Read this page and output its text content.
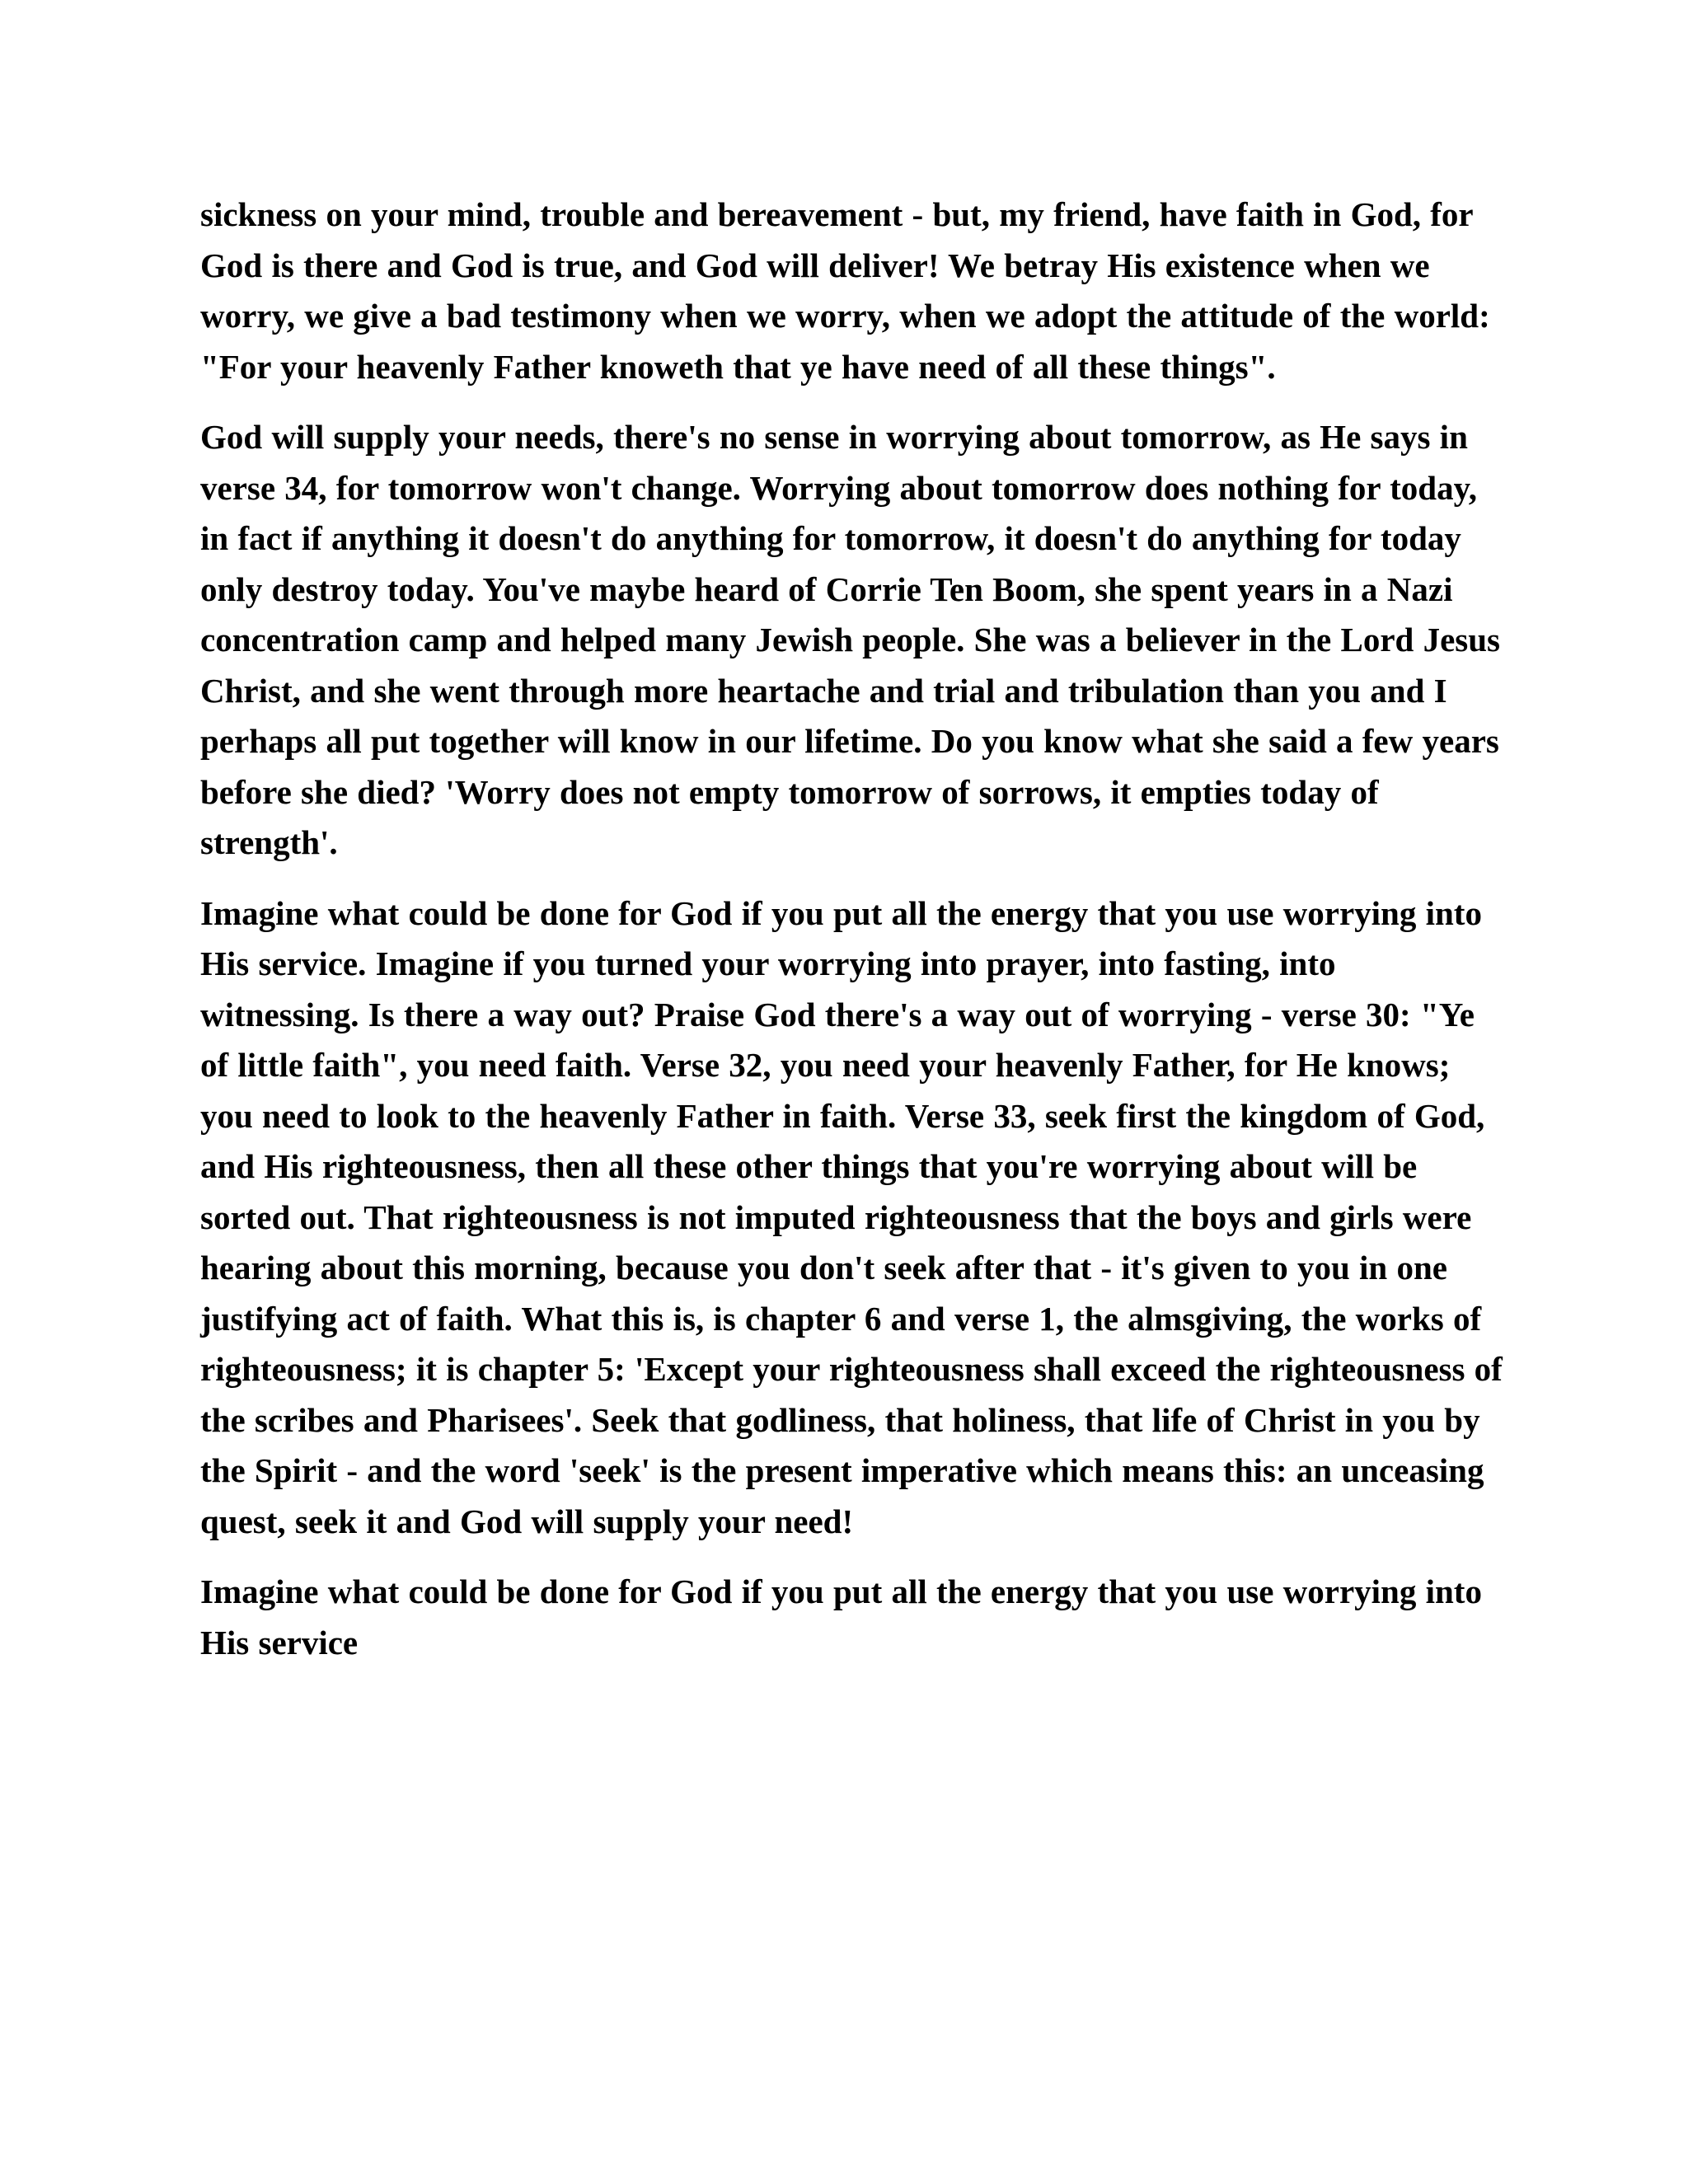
sickness on your mind, trouble and bereavement - but, my friend, have faith in God, for God is there and God is true, and God will deliver! We betray His existence when we worry, we give a bad testimony when we worry, when we adopt the attitude of the world: "For your heavenly Father knoweth that ye have need of all these things".

God will supply your needs, there's no sense in worrying about tomorrow, as He says in verse 34, for tomorrow won't change. Worrying about tomorrow does nothing for today, in fact if anything it doesn't do anything for tomorrow, it doesn't do anything for today only destroy today. You've maybe heard of Corrie Ten Boom, she spent years in a Nazi concentration camp and helped many Jewish people. She was a believer in the Lord Jesus Christ, and she went through more heartache and trial and tribulation than you and I perhaps all put together will know in our lifetime. Do you know what she said a few years before she died? 'Worry does not empty tomorrow of sorrows, it empties today of strength'.

Imagine what could be done for God if you put all the energy that you use worrying into His service. Imagine if you turned your worrying into prayer, into fasting, into witnessing. Is there a way out? Praise God there's a way out of worrying - verse 30: "Ye of little faith", you need faith. Verse 32, you need your heavenly Father, for He knows; you need to look to the heavenly Father in faith. Verse 33, seek first the kingdom of God, and His righteousness, then all these other things that you're worrying about will be sorted out. That righteousness is not imputed righteousness that the boys and girls were hearing about this morning, because you don't seek after that - it's given to you in one justifying act of faith. What this is, is chapter 6 and verse 1, the almsgiving, the works of righteousness; it is chapter 5: 'Except your righteousness shall exceed the righteousness of the scribes and Pharisees'. Seek that godliness, that holiness, that life of Christ in you by the Spirit - and the word 'seek' is the present imperative which means this: an unceasing quest, seek it and God will supply your need!

Imagine what could be done for God if you put all the energy that you use worrying into His service
